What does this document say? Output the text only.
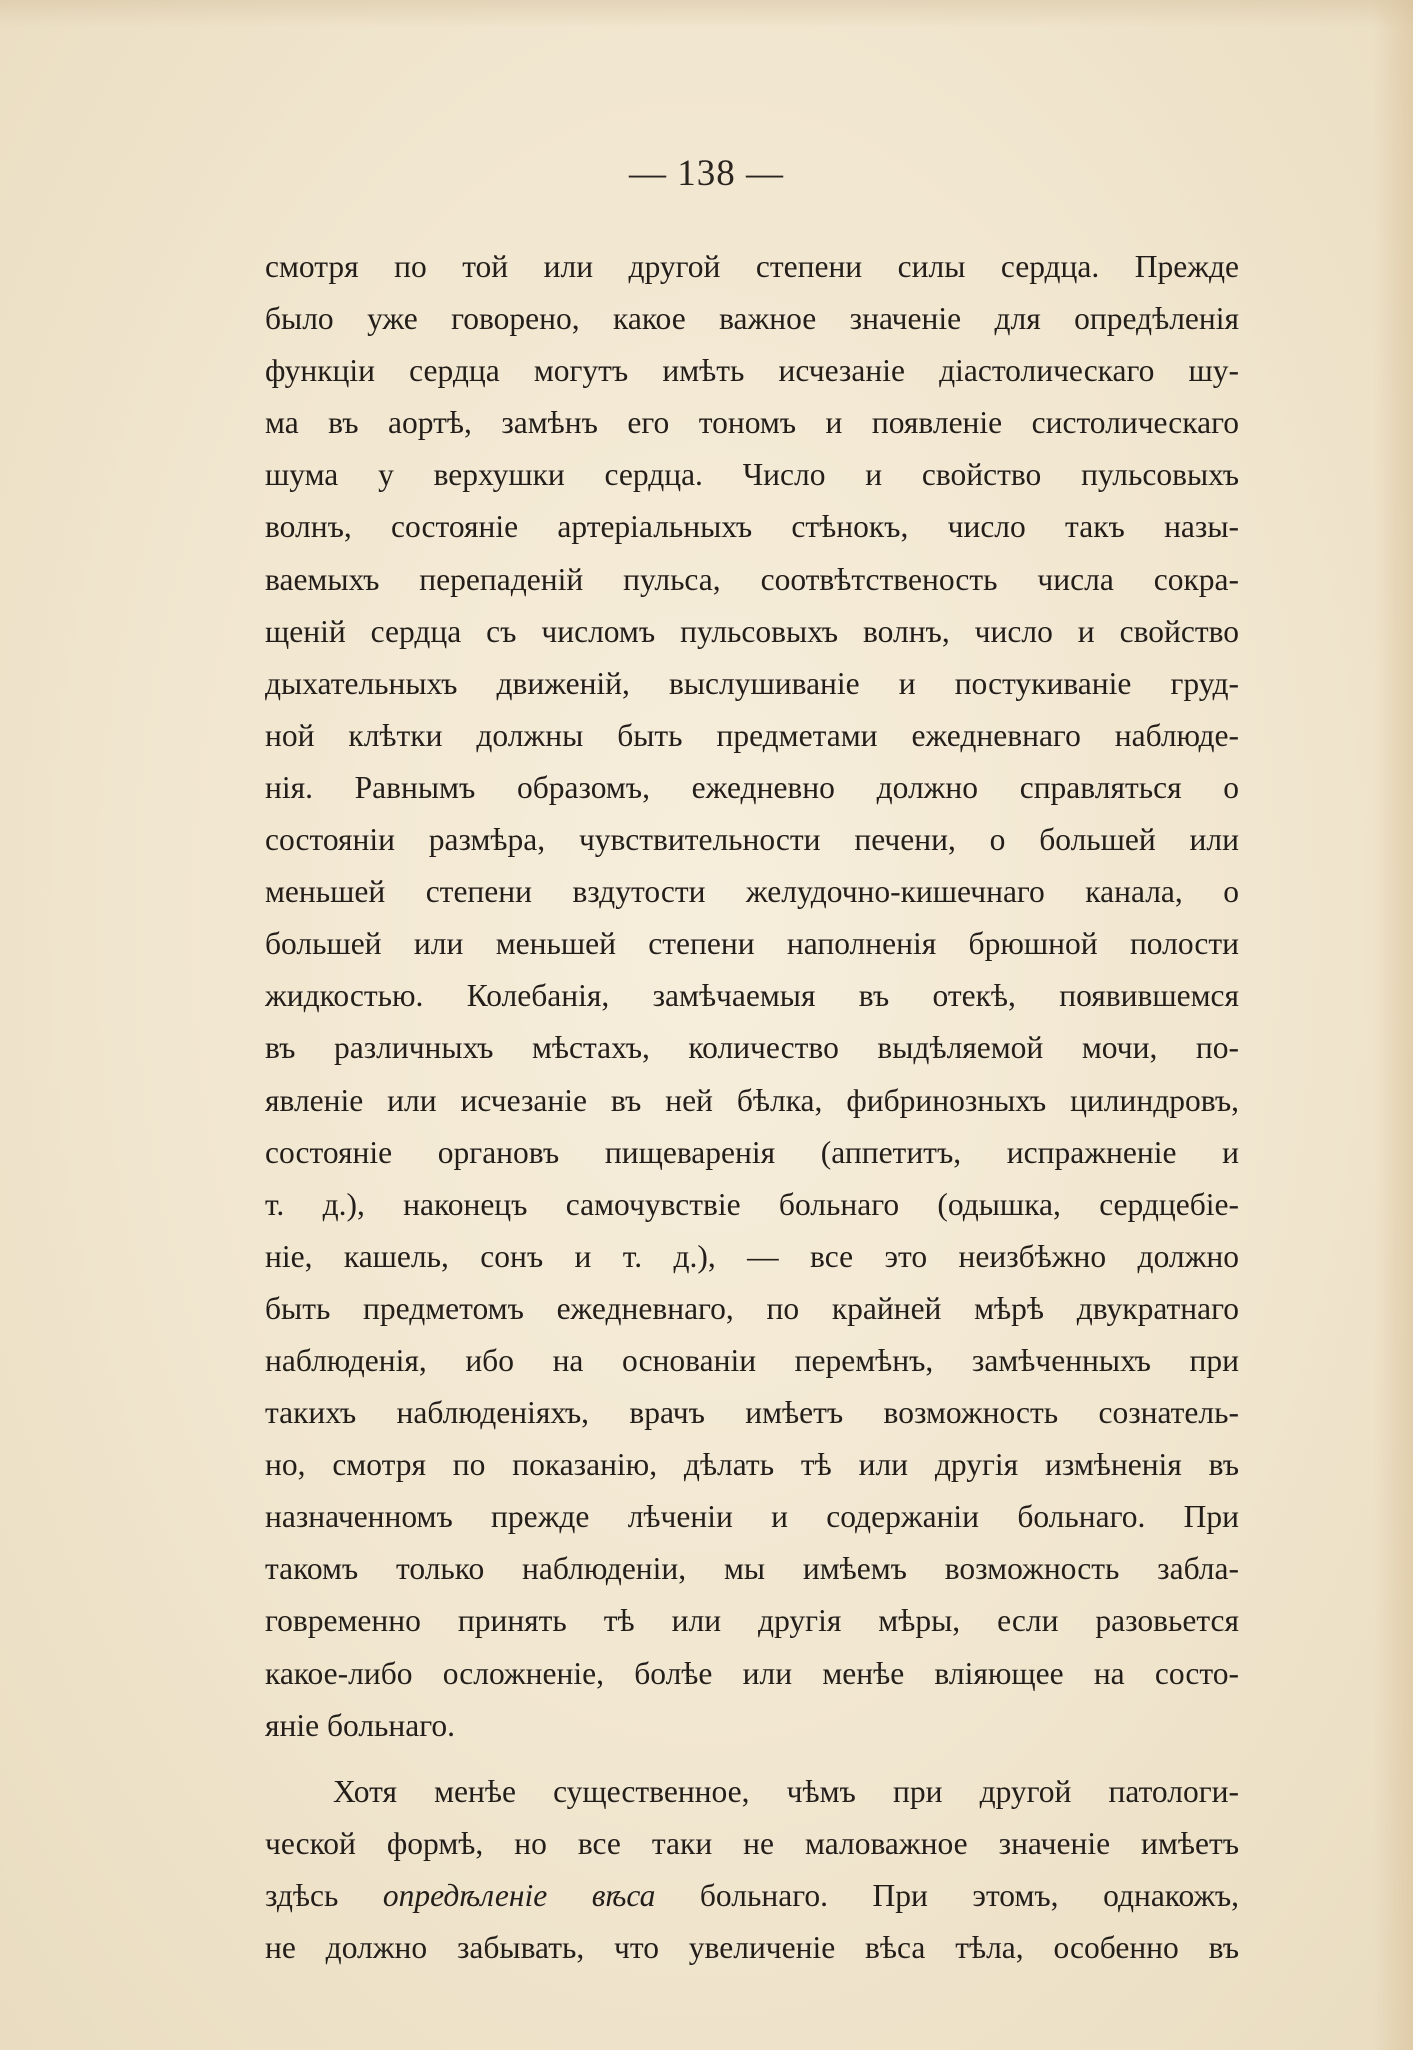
— 138 —
смотря по той или другой степени силы сердца. Прежде
было уже говорено, какое важное значенiе для опредѣленiя
функцiи сердца могутъ имѣть исчезанiе дiастолическаго шу-
ма въ аортѣ, замѣнъ его тономъ и появленiе систолическаго
шума у верхушки сердца. Число и свойство пульсовыхъ
волнъ, состоянiе артерiальныхъ стѣнокъ, число такъ назы-
ваемыхъ перепаденiй пульса, соотвѣтственость числа сокра-
щенiй сердца съ числомъ пульсовыхъ волнъ, число и свойство
дыхательныхъ движенiй, выслушиванiе и постукиванiе груд-
ной клѣтки должны быть предметами ежедневнаго наблюде-
нiя. Равнымъ образомъ, ежедневно должно справляться о
состоянiи размѣра, чувствительности печени, о большей или
меньшей степени вздутости желудочно-кишечнаго канала, о
большей или меньшей степени наполненiя брюшной полости
жидкостью. Колебанiя, замѣчаемыя въ отекѣ, появившемся
въ различныхъ мѣстахъ, количество выдѣляемой мочи, по-
явленiе или исчезанiе въ ней бѣлка, фибринозныхъ цилиндровъ,
состоянiе органовъ пищеваренiя (аппетитъ, испражненiе и
т. д.), наконецъ самочувствiе больнаго (одышка, сердцебiе-
нiе, кашель, сонъ и т. д.), — все это неизбѣжно должно
быть предметомъ ежедневнаго, по крайней мѣрѣ двукратнаго
наблюденiя, ибо на основанiи перемѣнъ, замѣченныхъ при
такихъ наблюденiяхъ, врачъ имѣетъ возможность сознатель-
но, смотря по показанiю, дѣлать тѣ или другiя измѣненiя въ
назначенномъ прежде лѣченiи и содержанiи больнаго. При
такомъ только наблюденiи, мы имѣемъ возможность забла-
говременно принять тѣ или другiя мѣры, если разовьется
какое-либо осложненiе, болѣе или менѣе влiяющее на состо-
янiе больнаго.
Хотя менѣе существенное, чѣмъ при другой патологи-
ческой формѣ, но все таки не маловажное значенiе имѣетъ
здѣсь опредѣленiе вѣса больнаго. При этомъ, однакожъ,
не должно забывать, что увеличенiе вѣса тѣла, особенно въ
